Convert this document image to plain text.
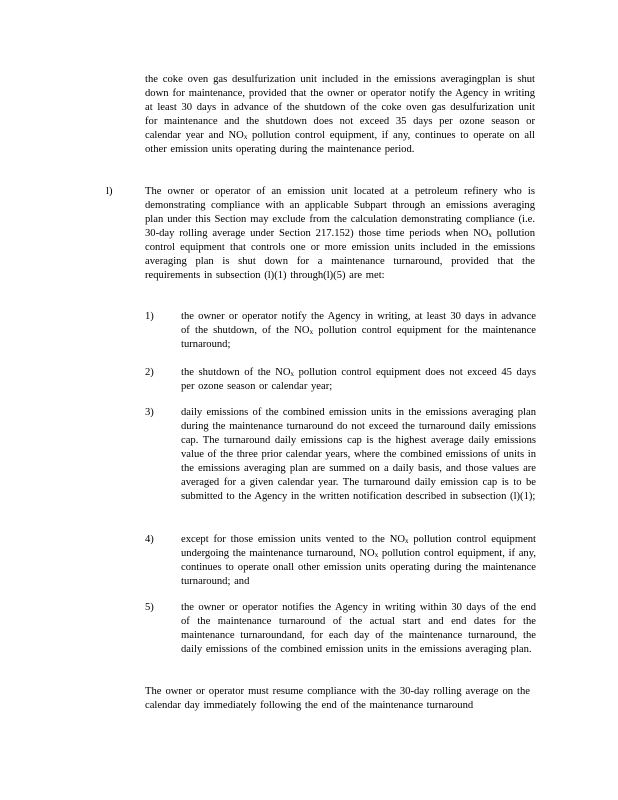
the coke oven gas desulfurization unit included in the emissions averagingplan is shut down for maintenance, provided that the owner or operator notify the Agency in writing at least 30 days in advance of the shutdown of the coke oven gas desulfurization unit for maintenance and the shutdown does not exceed 35 days per ozone season or calendar year and $NO_x$ pollution control equipment, if any, continues to operate on all other emission units operating during the maintenance period.
l)	The owner or operator of an emission unit located at a petroleum refinery who is demonstrating compliance with an applicable Subpart through an emissions averaging plan under this Section may exclude from the calculation demonstrating compliance (i.e. 30-day rolling average under Section 217.152) those time periods when $NO_x$ pollution control equipment that controls one or more emission units included in the emissions averaging plan is shut down for a maintenance turnaround, provided that the requirements in subsection (l)(1) through(l)(5) are met:
1)	the owner or operator notify the Agency in writing, at least 30 days in advance of the shutdown, of the $NO_x$ pollution control equipment for the maintenance turnaround;
2)	the shutdown of the $NO_x$ pollution control equipment does not exceed 45 days per ozone season or calendar year;
3)	daily emissions of the combined emission units in the emissions averaging plan during the maintenance turnaround do not exceed the turnaround daily emissions cap. The turnaround daily emissions cap is the highest average daily emissions value of the three prior calendar years, where the combined emissions of units in the emissions averaging plan are summed on a daily basis, and those values are averaged for a given calendar year. The turnaround daily emission cap is to be submitted to the Agency in the written notification described in subsection (l)(1);
4)	except for those emission units vented to the $NO_x$ pollution control equipment undergoing the maintenance turnaround, $NO_x$ pollution control equipment, if any, continues to operate onall other emission units operating during the maintenance turnaround; and
5)	the owner or operator notifies the Agency in writing within 30 days of the end of the maintenance turnaround of the actual start and end dates for the maintenance turnaroundand, for each day of the maintenance turnaround, the daily emissions of the combined emission units in the emissions averaging plan.
The owner or operator must resume compliance with the 30-day rolling average on the calendar day immediately following the end of the maintenance turnaround
